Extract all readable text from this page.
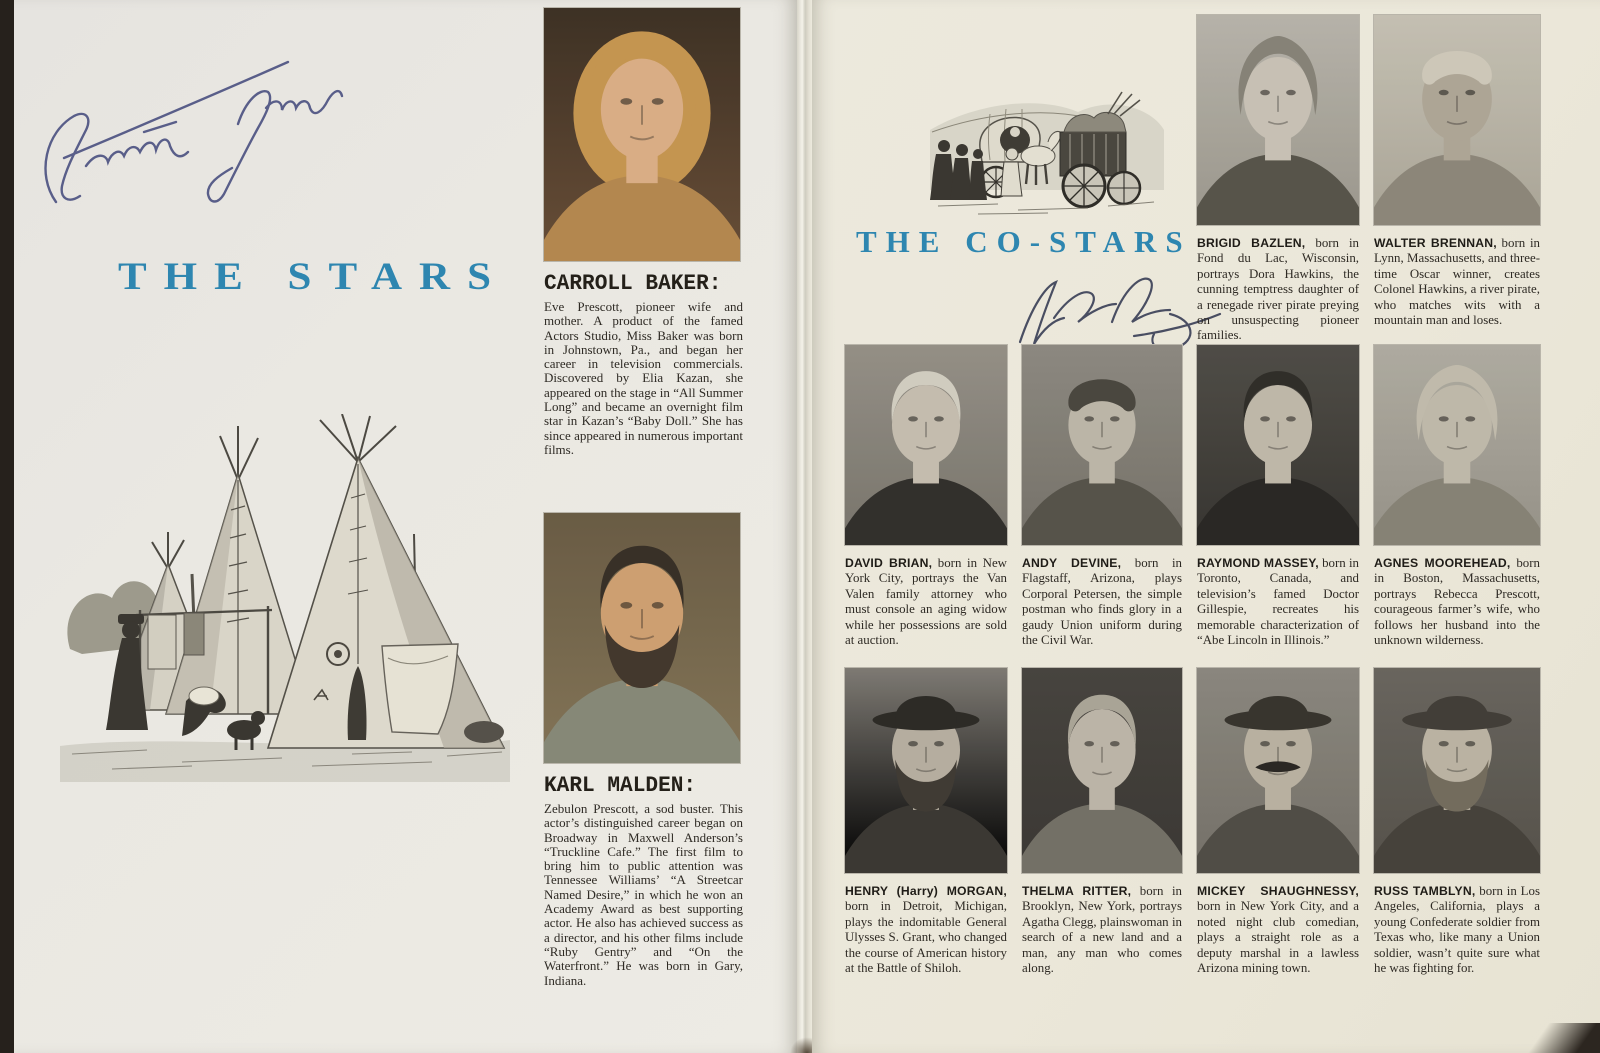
THE STARS CARROLL BAKER:

Eve Prescott, pioneer wife and mother. A product of the famed Actors Studio, Miss Baker was born in Johnstown, Pa., and began her career in television commercials. Discovered by Elia Kazan, she appeared on the stage in “All Summer Long” and became an overnight film star in Kazan’s “Baby Doll.” She has since appeared in numerous important films.

KARL MALDEN:

Zebulon Prescott, a sod buster. This actor’s distinguished career began on Broadway in Maxwell Anderson’s “Truckline Cafe.” The first film to bring him to public attention was Tennessee Williams’ “A Streetcar Named Desire,” in which he won an Academy Award as best supporting actor. He also has achieved success as a director, and his other films include “Ruby Gentry” and “On the Waterfront.” He was born in Gary, Indiana.

THE CO-STARS BRIGID BAZLEN, born in Fond du Lac, Wisconsin, portrays Dora Hawkins, the cunning temptress daughter of a renegade river pirate preying on unsuspecting pioneer families.

WALTER BRENNAN, born in Lynn, Massachusetts, and three-time Oscar winner, creates Colonel Hawkins, a river pirate, who matches wits with a mountain man and loses.

DAVID BRIAN, born in New York City, portrays the Van Valen family attorney who must console an aging widow while her possessions are sold at auction.

ANDY DEVINE, born in Flagstaff, Arizona, plays Corporal Petersen, the simple postman who finds glory in a gaudy Union uniform during the Civil War.

RAYMOND MASSEY, born in Toronto, Canada, and television’s famed Doctor Gillespie, recreates his memorable characterization of “Abe Lincoln in Illinois.”

AGNES MOOREHEAD, born in Boston, Massachusetts, portrays Rebecca Prescott, courageous farmer’s wife, who follows her husband into the unknown wilderness.

HENRY (Harry) MORGAN, born in Detroit, Michigan, plays the indomitable General Ulysses S. Grant, who changed the course of American history at the Battle of Shiloh.

THELMA RITTER, born in Brooklyn, New York, portrays Agatha Clegg, plainswoman in search of a new land and a man, any man who comes along.

MICKEY SHAUGHNESSY, born in New York City, and a noted night club comedian, plays a straight role as a deputy marshal in a lawless Arizona mining town.

RUSS TAMBLYN, born in Los Angeles, California, plays a young Confederate soldier from Texas who, like many a Union soldier, wasn’t quite sure what he was fighting for.
